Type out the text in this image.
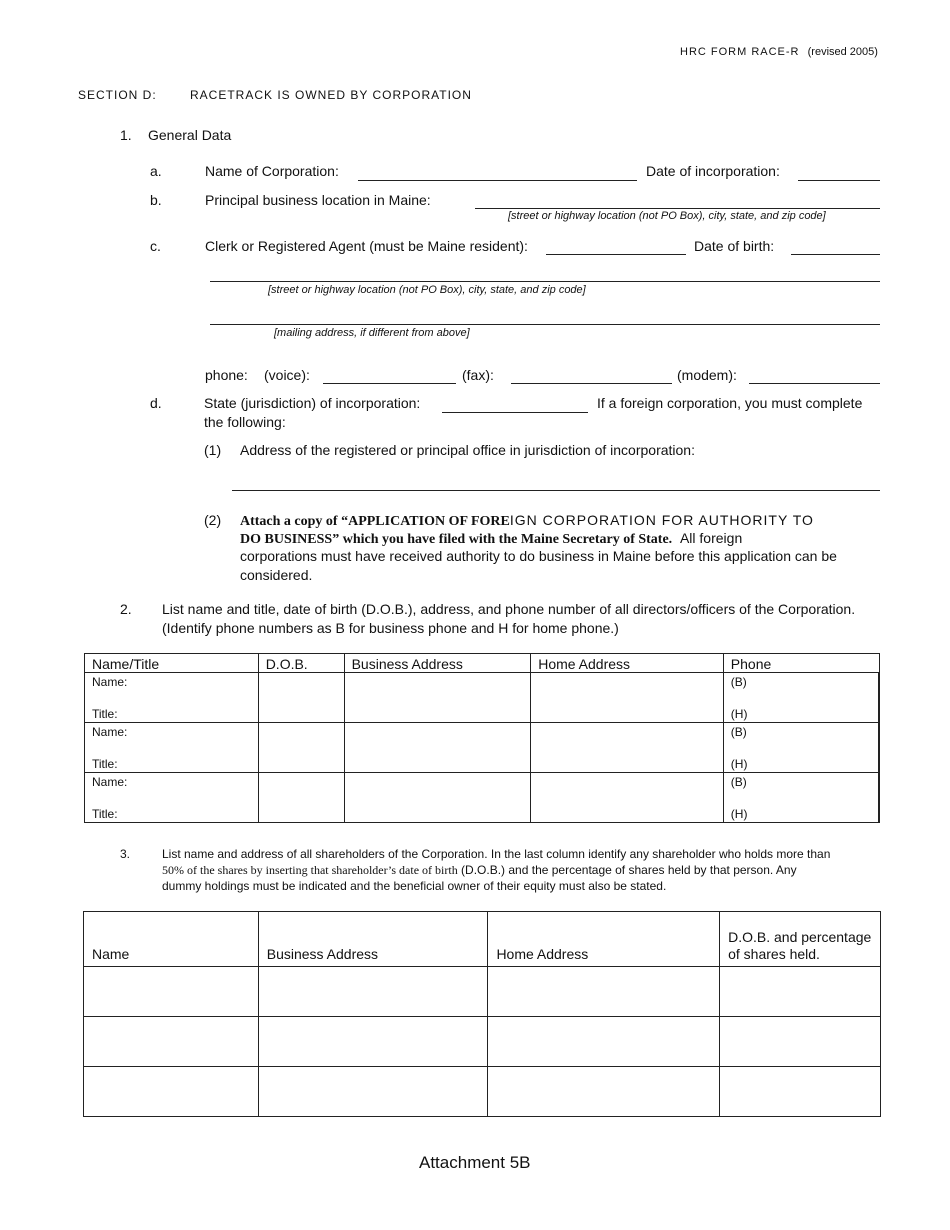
HRC FORM RACE-R (revised 2005)
SECTION D:	RACETRACK IS OWNED BY CORPORATION
1. General Data
a.	Name of Corporation:	Date of incorporation:
b.	Principal business location in Maine:
[street or highway location (not PO Box), city, state, and zip code]
c.	Clerk or Registered Agent (must be Maine resident):	Date of birth:
[street or highway location (not PO Box), city, state, and zip code]
[mailing address, if different from above]
phone: (voice):	(fax):	(modem):
d.	State (jurisdiction) of incorporation:	If a foreign corporation, you must complete
the following:
(1) Address of the registered or principal office in jurisdiction of incorporation:
(2) Attach a copy of “APPLICATION OF FOREIGN CORPORATION FOR AUTHORITY TO
DO BUSINESS” which you have filed with the Maine Secretary of State. All foreign
corporations must have received authority to do business in Maine before this application can be
considered.
2. List name and title, date of birth (D.O.B.), address, and phone number of all directors/officers of the Corporation.
(Identify phone numbers as B for business phone and H for home phone.)
Name/Title	D.O.B.	Business Address	Home Address	Phone

Name:
Title:				(B)
(H)

Name:
Title:				(B)
(H)

Name:
Title:				(B)
(H)
3.	List name and address of all shareholders of the Corporation. In the last column identify any shareholder who holds more than
50% of the shares by inserting that shareholder’s date of birth (D.O.B.) and the percentage of shares held by that person. Any
dummy holdings must be indicated and the beneficial owner of their equity must also be stated.
Name	Business Address	Home Address	D.O.B. and percentage of shares held.

Attachment 5B
